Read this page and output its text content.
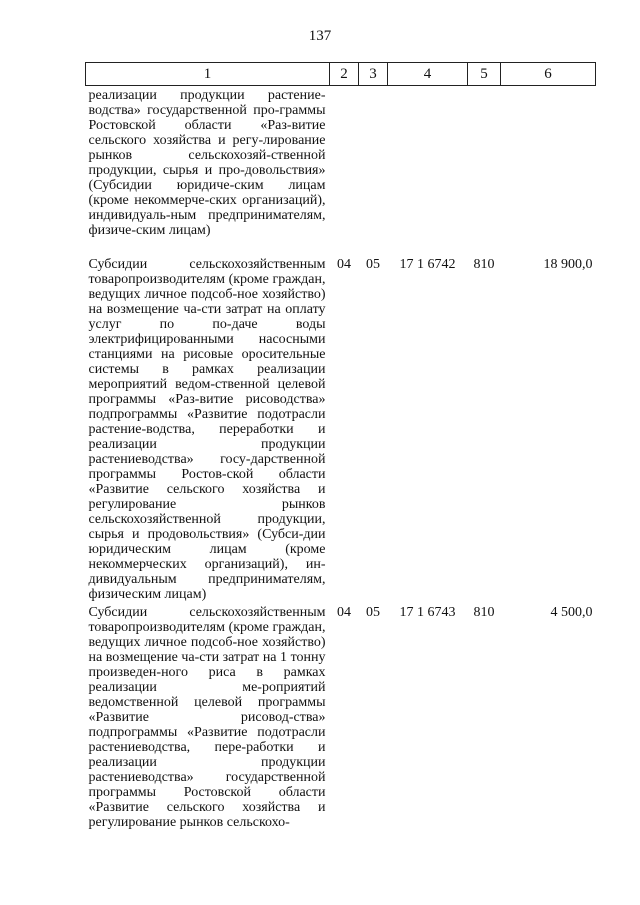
137
1	2	3	4	5	6
реализации продукции растение-водства» государственной про-граммы Ростовской области «Раз-витие сельского хозяйства и регу-лирование рынков сельскохозяй-ственной продукции, сырья и про-довольствия» (Субсидии юридиче-ским лицам (кроме некоммерче-ских организаций), индивидуаль-ным предпринимателям, физиче-ским лицам)					
Субсидии сельскохозяйственным товаропроизводителям (кроме граждан, ведущих личное подсоб-ное хозяйство) на возмещение ча-сти затрат на оплату услуг по по-даче воды электрифицированными насосными станциями на рисовые оросительные системы в рамках реализации мероприятий ведом-ственной целевой программы «Раз-витие рисоводства» подпрограммы «Развитие подотрасли растение-водства, переработки и реализации продукции растениеводства» госу-дарственной программы Ростов-ской области «Развитие сельского хозяйства и регулирование рынков сельскохозяйственной продукции, сырья и продовольствия» (Субси-дии юридическим лицам (кроме некоммерческих организаций), ин-дивидуальным предпринимателям, физическим лицам)	04	05	17 1 6742	810	18 900,0
Субсидии сельскохозяйственным товаропроизводителям (кроме граждан, ведущих личное подсоб-ное хозяйство) на возмещение ча-сти затрат на 1 тонну произведен-ного риса в рамках реализации ме-роприятий ведомственной целевой программы «Развитие рисовод-ства» подпрограммы «Развитие подотрасли растениеводства, пере-работки и реализации продукции растениеводства» государственной программы Ростовской области «Развитие сельского хозяйства и регулирование рынков сельскохо-	04	05	17 1 6743	810	4 500,0
